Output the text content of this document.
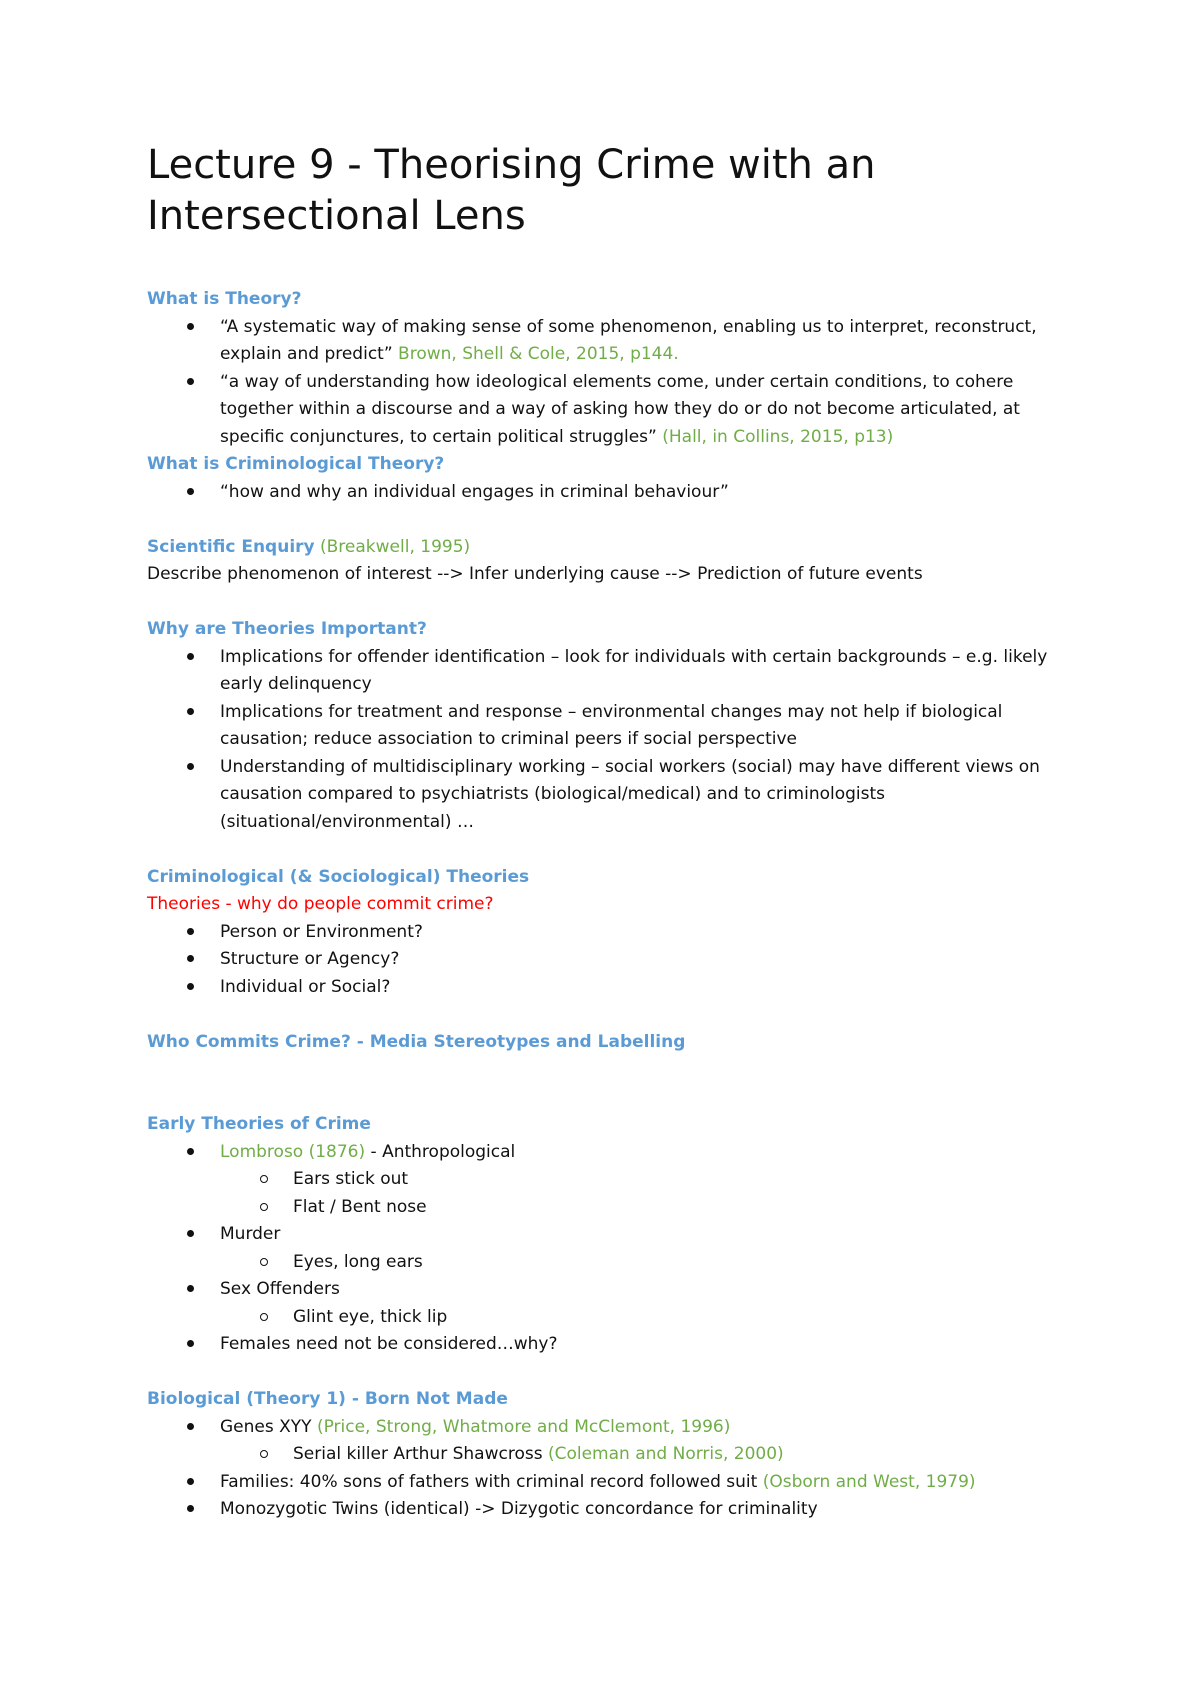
Lecture 9 - Theorising Crime with an Intersectional Lens

What is Theory?

“A systematic way of making sense of some phenomenon, enabling us to interpret, reconstruct, explain and predict” Brown, Shell & Cole, 2015, p144.
“a way of understanding how ideological elements come, under certain conditions, to cohere together within a discourse and a way of asking how they do or do not become articulated, at specific conjunctures, to certain political struggles” (Hall, in Collins, 2015, p13)

What is Criminological Theory?

“how and why an individual engages in criminal behaviour”

Scientific Enquiry (Breakwell, 1995)

Describe phenomenon of interest --> Infer underlying cause --> Prediction of future events

Why are Theories Important?

Implications for offender identification – look for individuals with certain backgrounds – e.g. likely early delinquency
Implications for treatment and response – environmental changes may not help if biological causation; reduce association to criminal peers if social perspective
Understanding of multidisciplinary working – social workers (social) may have different views on causation compared to psychiatrists (biological/medical) and to criminologists (situational/environmental) …

Criminological (& Sociological) Theories

Theories - why do people commit crime?

Person or Environment?
Structure or Agency?
Individual or Social?

Who Commits Crime? - Media Stereotypes and Labelling

Early Theories of Crime

Lombroso (1876) - Anthropological
Ears stick out
Flat / Bent nose
Murder
Eyes, long ears
Sex Offenders
Glint eye, thick lip
Females need not be considered…why?

Biological (Theory 1) - Born Not Made

Genes XYY (Price, Strong, Whatmore and McClemont, 1996)
Serial killer Arthur Shawcross (Coleman and Norris, 2000)
Families: 40% sons of fathers with criminal record followed suit (Osborn and West, 1979)
Monozygotic Twins (identical) -> Dizygotic concordance for criminality
